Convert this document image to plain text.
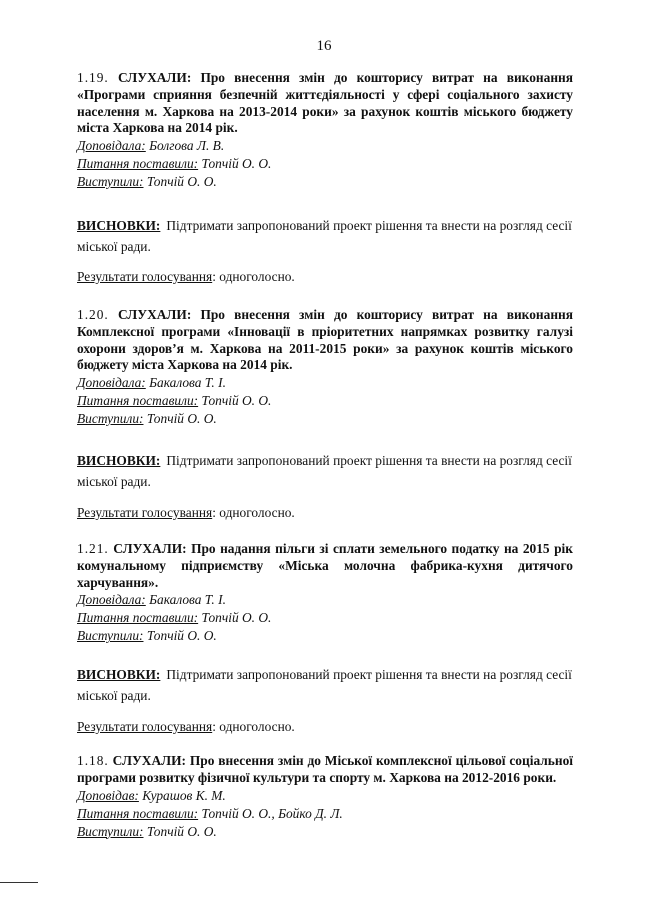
16

1.19. СЛУХАЛИ: Про внесення змін до кошторису витрат на виконання «Програми сприяння безпечній життєдіяльності у сфері соціального захисту населення м. Харкова на 2013-2014 роки» за рахунок коштів міського бюджету міста Харкова на 2014 рік.

Доповідала: Болгова Л. В.

Питання поставили: Топчій О. О.

Виступили: Топчій О. О.

ВИСНОВКИ: Підтримати запропонований проект рішення та внести на розгляд сесії міської ради.
Результати голосування: одноголосно.

1.20. СЛУХАЛИ: Про внесення змін до кошторису витрат на виконання Комплексної програми «Інновації в пріоритетних напрямках розвитку галузі охорони здоров’я м. Харкова на 2011-2015 роки» за рахунок коштів міського бюджету міста Харкова на 2014 рік.

Доповідала: Бакалова Т. І.

Питання поставили: Топчій О. О.

Виступили: Топчій О. О.

ВИСНОВКИ: Підтримати запропонований проект рішення та внести на розгляд сесії міської ради.
Результати голосування: одноголосно.

1.21. СЛУХАЛИ: Про надання пільги зі сплати земельного податку на 2015 рік комунальному підприємству «Міська молочна фабрика-кухня дитячого харчування».

Доповідала: Бакалова Т. І.

Питання поставили: Топчій О. О.

Виступили: Топчій О. О.

ВИСНОВКИ: Підтримати запропонований проект рішення та внести на розгляд сесії міської ради.
Результати голосування: одноголосно.

1.18. СЛУХАЛИ: Про внесення змін до Міської комплексної цільової соціальної програми розвитку фізичної культури та спорту м. Харкова на 2012-2016 роки.

Доповідав: Курашов К. М.

Питання поставили: Топчій О. О., Бойко Д. Л.

Виступили: Топчій О. О.
